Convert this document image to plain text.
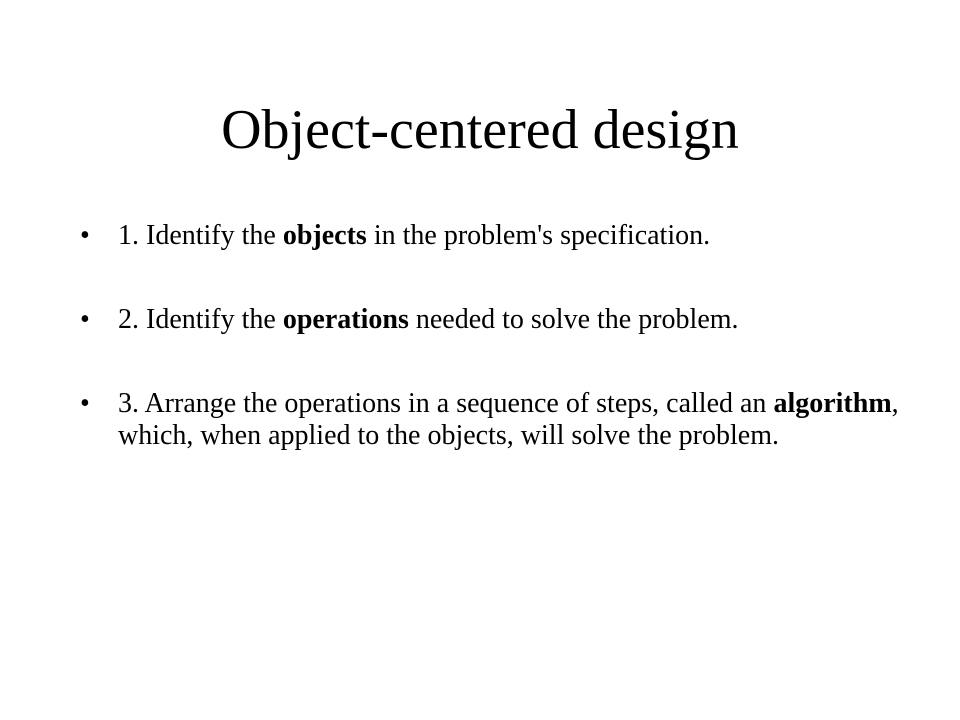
Object-centered design
•	1. Identify the objects in the problem's specification.
•	2. Identify the operations needed to solve the problem.
•	3. Arrange the operations in a sequence of steps, called an algorithm, which, when applied to the objects, will solve the problem.
